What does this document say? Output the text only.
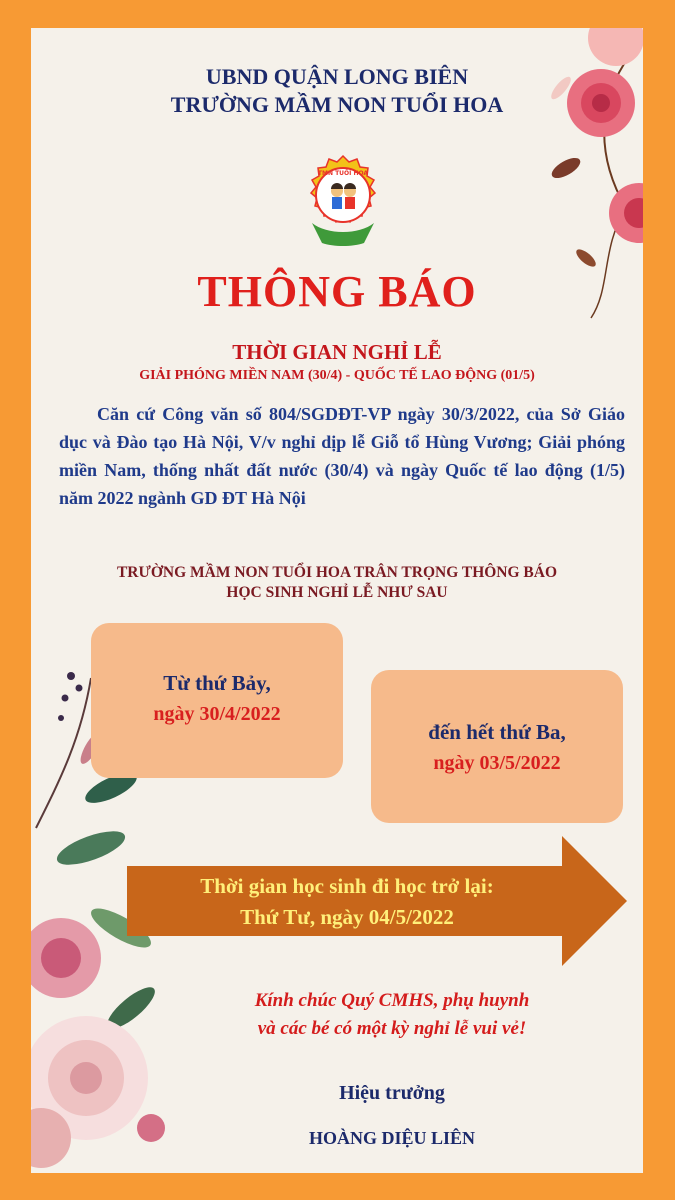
UBND QUẬN LONG BIÊN
TRƯỜNG MẦM NON TUỔI HOA
TMN TUỔI HOA
THÔNG BÁO
THỜI GIAN NGHỈ LỄ
GIẢI PHÓNG MIỀN NAM (30/4) - QUỐC TẾ LAO ĐỘNG (01/5)
Căn cứ Công văn số 804/SGDĐT-VP ngày 30/3/2022, của Sở Giáo dục và Đào tạo Hà Nội, V/v nghỉ dịp lễ Giỗ tổ Hùng Vương; Giải phóng miền Nam, thống nhất đất nước (30/4) và ngày Quốc tế lao động (1/5) năm 2022 ngành GD ĐT Hà Nội
TRƯỜNG MẦM NON TUỔI HOA TRÂN TRỌNG THÔNG BÁO
HỌC SINH NGHỈ LỄ NHƯ SAU
Từ thứ Bảy,
ngày 30/4/2022
đến hết thứ Ba,
ngày 03/5/2022
Thời gian học sinh đi học trở lại:
Thứ Tư, ngày 04/5/2022
Kính chúc Quý CMHS, phụ huynh
và các bé có một kỳ nghỉ lễ vui vẻ!
Hiệu trưởng
HOÀNG DIỆU LIÊN
